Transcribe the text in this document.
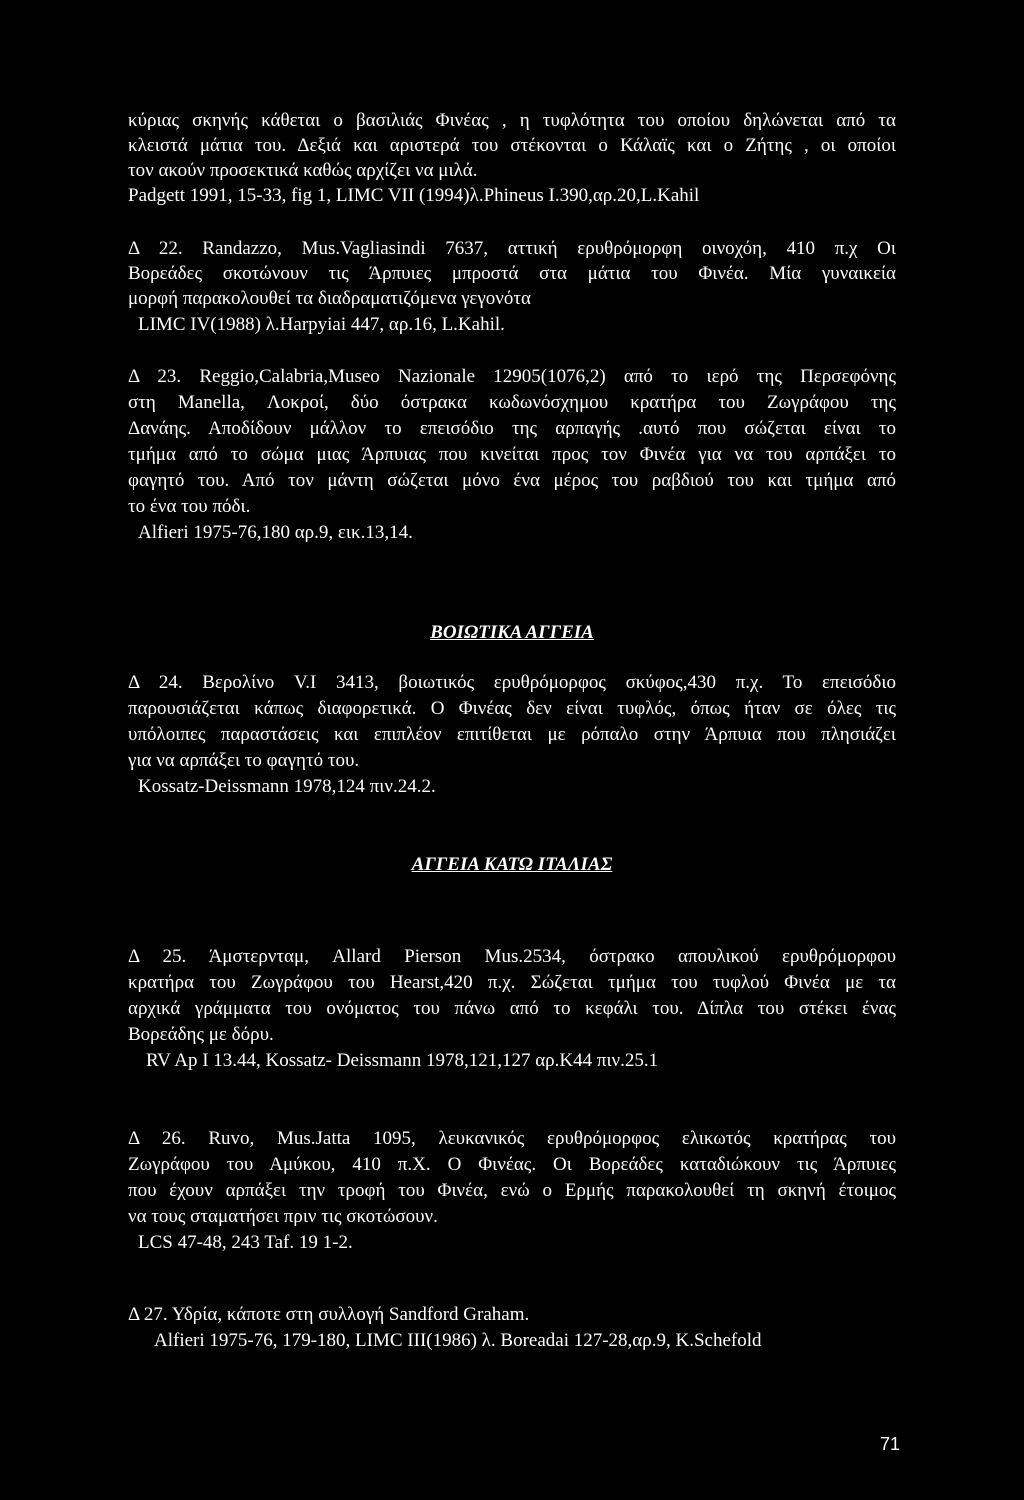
κύριας σκηνής κάθεται ο βασιλιάς Φινέας , η τυφλότητα του οποίου δηλώνεται από τα
κλειστά μάτια του. Δεξιά και αριστερά του στέκονται ο Κάλαϊς και ο Ζήτης , οι οποίοι
τον ακούν προσεκτικά καθώς αρχίζει να μιλά.
Padgett 1991, 15-33, fig 1, LIMC VII (1994)λ.Phineus I.390,αρ.20,L.Kahil
Δ 22. Randazzo, Mus.Vagliasindi 7637, αττική ερυθρόμορφη οινοχόη, 410 π.χ Οι
Βορεάδες σκοτώνουν τις Άρπυιες μπροστά στα μάτια του Φινέα. Μία γυναικεία
μορφή παρακολουθεί τα διαδραματιζόμενα γεγονότα
LIMC IV(1988) λ.Harpyiai 447, αρ.16, L.Kahil.
Δ 23. Reggio,Calabria,Museo Nazionale 12905(1076,2) από το ιερό της Περσεφόνης
στη Manella, Λοκροί, δύο όστρακα κωδωνόσχημου κρατήρα του Ζωγράφου της
Δανάης. Αποδίδουν μάλλον το επεισόδιο της αρπαγής .αυτό που σώζεται είναι το
τμήμα από το σώμα μιας Άρπυιας που κινείται προς τον Φινέα για να του αρπάξει το
φαγητό του. Από τον μάντη σώζεται μόνο ένα μέρος του ραβδιού του και τμήμα από
το ένα του πόδι.
Alfieri 1975-76,180 αρ.9, εικ.13,14.
ΒΟΙΩΤΙΚΑ ΑΓΓΕΙΑ
Δ 24. Βερολίνο V.I 3413, βοιωτικός ερυθρόμορφος σκύφος,430 π.χ. Το επεισόδιο
παρουσιάζεται κάπως διαφορετικά. Ο Φινέας δεν είναι τυφλός, όπως ήταν σε όλες τις
υπόλοιπες παραστάσεις και επιπλέον επιτίθεται με ρόπαλο στην Άρπυια που πλησιάζει
για να αρπάξει το φαγητό του.
Kossatz-Deissmann 1978,124 πιν.24.2.
ΑΓΓΕΙΑ ΚΑΤΩ ΙΤΑΛΙΑΣ
Δ 25. Άμστερνταμ, Allard Pierson Mus.2534, όστρακο απουλικού ερυθρόμορφου
κρατήρα του Ζωγράφου του Hearst,420 π.χ. Σώζεται τμήμα του τυφλού Φινέα με τα
αρχικά γράμματα του ονόματος του πάνω από το κεφάλι του. Δίπλα του στέκει ένας
Βορεάδης με δόρυ.
RV Ap I 13.44, Kossatz- Deissmann 1978,121,127 αρ.K44 πιν.25.1
Δ 26. Ruvo, Mus.Jatta 1095, λευκανικός ερυθρόμορφος ελικωτός κρατήρας του
Ζωγράφου του Αμύκου, 410 π.Χ. Ο Φινέας. Οι Βορεάδες καταδιώκουν τις Άρπυιες
που έχουν αρπάξει την τροφή του Φινέα, ενώ ο Ερμής παρακολουθεί τη σκηνή έτοιμος
να τους σταματήσει πριν τις σκοτώσουν.
LCS 47-48, 243 Taf. 19 1-2.
Δ 27. Υδρία, κάποτε στη συλλογή Sandford Graham.
Alfieri 1975-76, 179-180, LIMC III(1986) λ. Boreadai 127-28,αρ.9, K.Schefold
71
